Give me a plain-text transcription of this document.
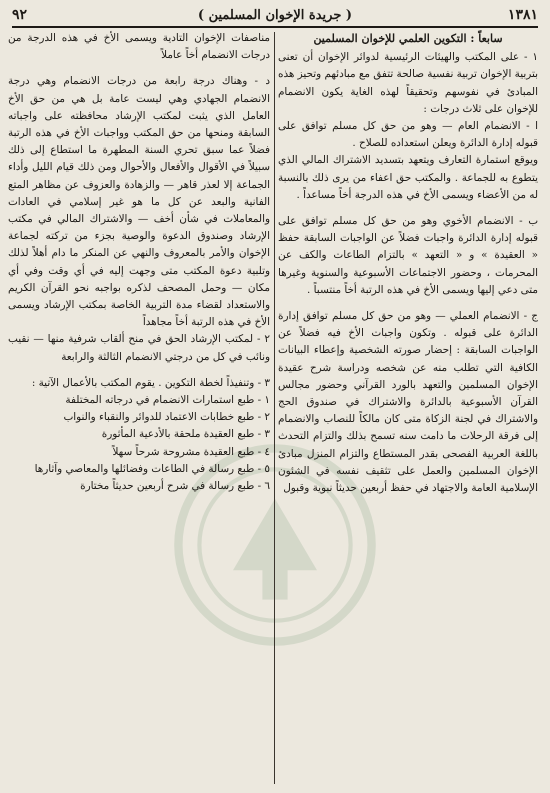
٩٢	( جريدة الإخوان المسلمين )	١٣٨١

سابعاً : التكوين العلمي للإخوان المسلمين

١ - على المكتب والهيئات الرئيسية لدوائر الإخوان أن تعنى بتربية الإخوان تربية نفسية صالحة تتفق مع مبادئهم وتحيز هذه المبادئ في نفوسهم وتحقيقاً لهذه الغاية يكون الانضمام للإخوان على ثلاث درجات :

ا - الانضمام العام — وهو من حق كل مسلم توافق على قبوله إدارة الدائرة ويعلن استعداده للصلاح .

ويوقع استمارة التعارف ويتعهد بتسديد الاشتراك المالي الذي يتطوع به للجماعة . والمكتب حق اعفاء من يرى ذلك بالنسبة له من الأعضاء ويسمى الأخ في هذه الدرجة أخاً مساعداً .

ب - الانضمام الأخوي وهو من حق كل مسلم توافق على قبوله إدارة الدائرة واجبات فضلاً عن الواجبات السابقة حفظ « العقيدة » و « التعهد » بالتزام الطاعات والكف عن المحرمات ، وحضور الاجتماعات الأسبوعية والسنوية وغيرها متى دعي إليها ويسمى الأخ في هذه الرتبة أخاً منتسباً .

ج - الانضمام العملي — وهو من حق كل مسلم توافق إدارة الدائرة على قبوله . وتكون واجبات الأخ فيه فضلاً عن الواجبات السابقة : إحضار صورته الشخصية وإعطاء البيانات الكافية التي تطلب منه عن شخصه ودراسة شرح عقيدة الإخوان المسلمين والتعهد بالورد القرآني وحضور مجالس القرآن الأسبوعية بالدائرة والاشتراك في صندوق الحج والاشتراك في لجنة الزكاة متى كان مالكاً للنصاب والانضمام إلى فرقة الرحلات ما دامت سنه تسمح بذلك والتزام التحدث باللغة العربية الفصحى بقدر المستطاع والتزام المنزل مبادئ الإخوان المسلمين والعمل على تثقيف نفسه في الشئون الإسلامية العامة والاجتهاد في حفظ أربعين حديثاً نبوية وقبول

مناصفات الإخوان التادية ويسمى الأخ في هذه الدرجة من درجات الانضمام أخاً عاملاً

د - وهناك درجة رابعة من درجات الانضمام وهي درجة الانضمام الجهادي وهي ليست عامة بل هي من حق الأخ العامل الذي يثبت لمكتب الإرشاد محافظته على واجباته السابقة ومنحها من حق المكتب وواجبات الأخ في هذه الرتبة فضلاً عما سبق تحري السنة المطهرة ما استطاع إلى ذلك سبيلاً في الأقوال والأفعال والأحوال ومن ذلك قيام الليل وأداء الجماعة إلا لعذر قاهر — والزهادة والعزوف عن مظاهر المتع الفانية والبعد عن كل ما هو غير إسلامي في العادات والمعاملات في شأن أخف — والاشتراك المالي في مكتب الإرشاد وصندوق الدعوة والوصية بجزء من تركته لجماعة الإخوان والأمر بالمعروف والنهي عن المنكر ما دام أهلاً لذلك وتلبية دعوة المكتب متى وجهت إليه في أي وقت وفي أي مكان — وحمل المصحف لذكره بواجبه نحو القرآن الكريم والاستعداد لقضاء مدة التربية الخاصة بمكتب الإرشاد ويسمى الأخ في هذه الرتبة أخاً مجاهداً

٢ - لمكتب الإرشاد الحق في منح ألقاب شرفية منها — نقيب ونائب في كل من درجتي الانضمام الثالثة والرابعة

٣ - وتنفيذاً لخطة التكوين . يقوم المكتب بالأعمال الآتية :

١ - طبع استمارات الانضمام في درجاته المختلفة

٢ - طبع خطابات الاعتماد للدوائر والنقباء والنواب

٣ - طبع العقيدة ملحقة بالأدعية المأثورة

٤ - طبع العقيدة مشروحة شرحاً سهلاً

٥ - طبع رسالة في الطاعات وفضائلها والمعاصي وآثارها

٦ - طبع رسالة في شرح أربعين حديثاً مختارة
